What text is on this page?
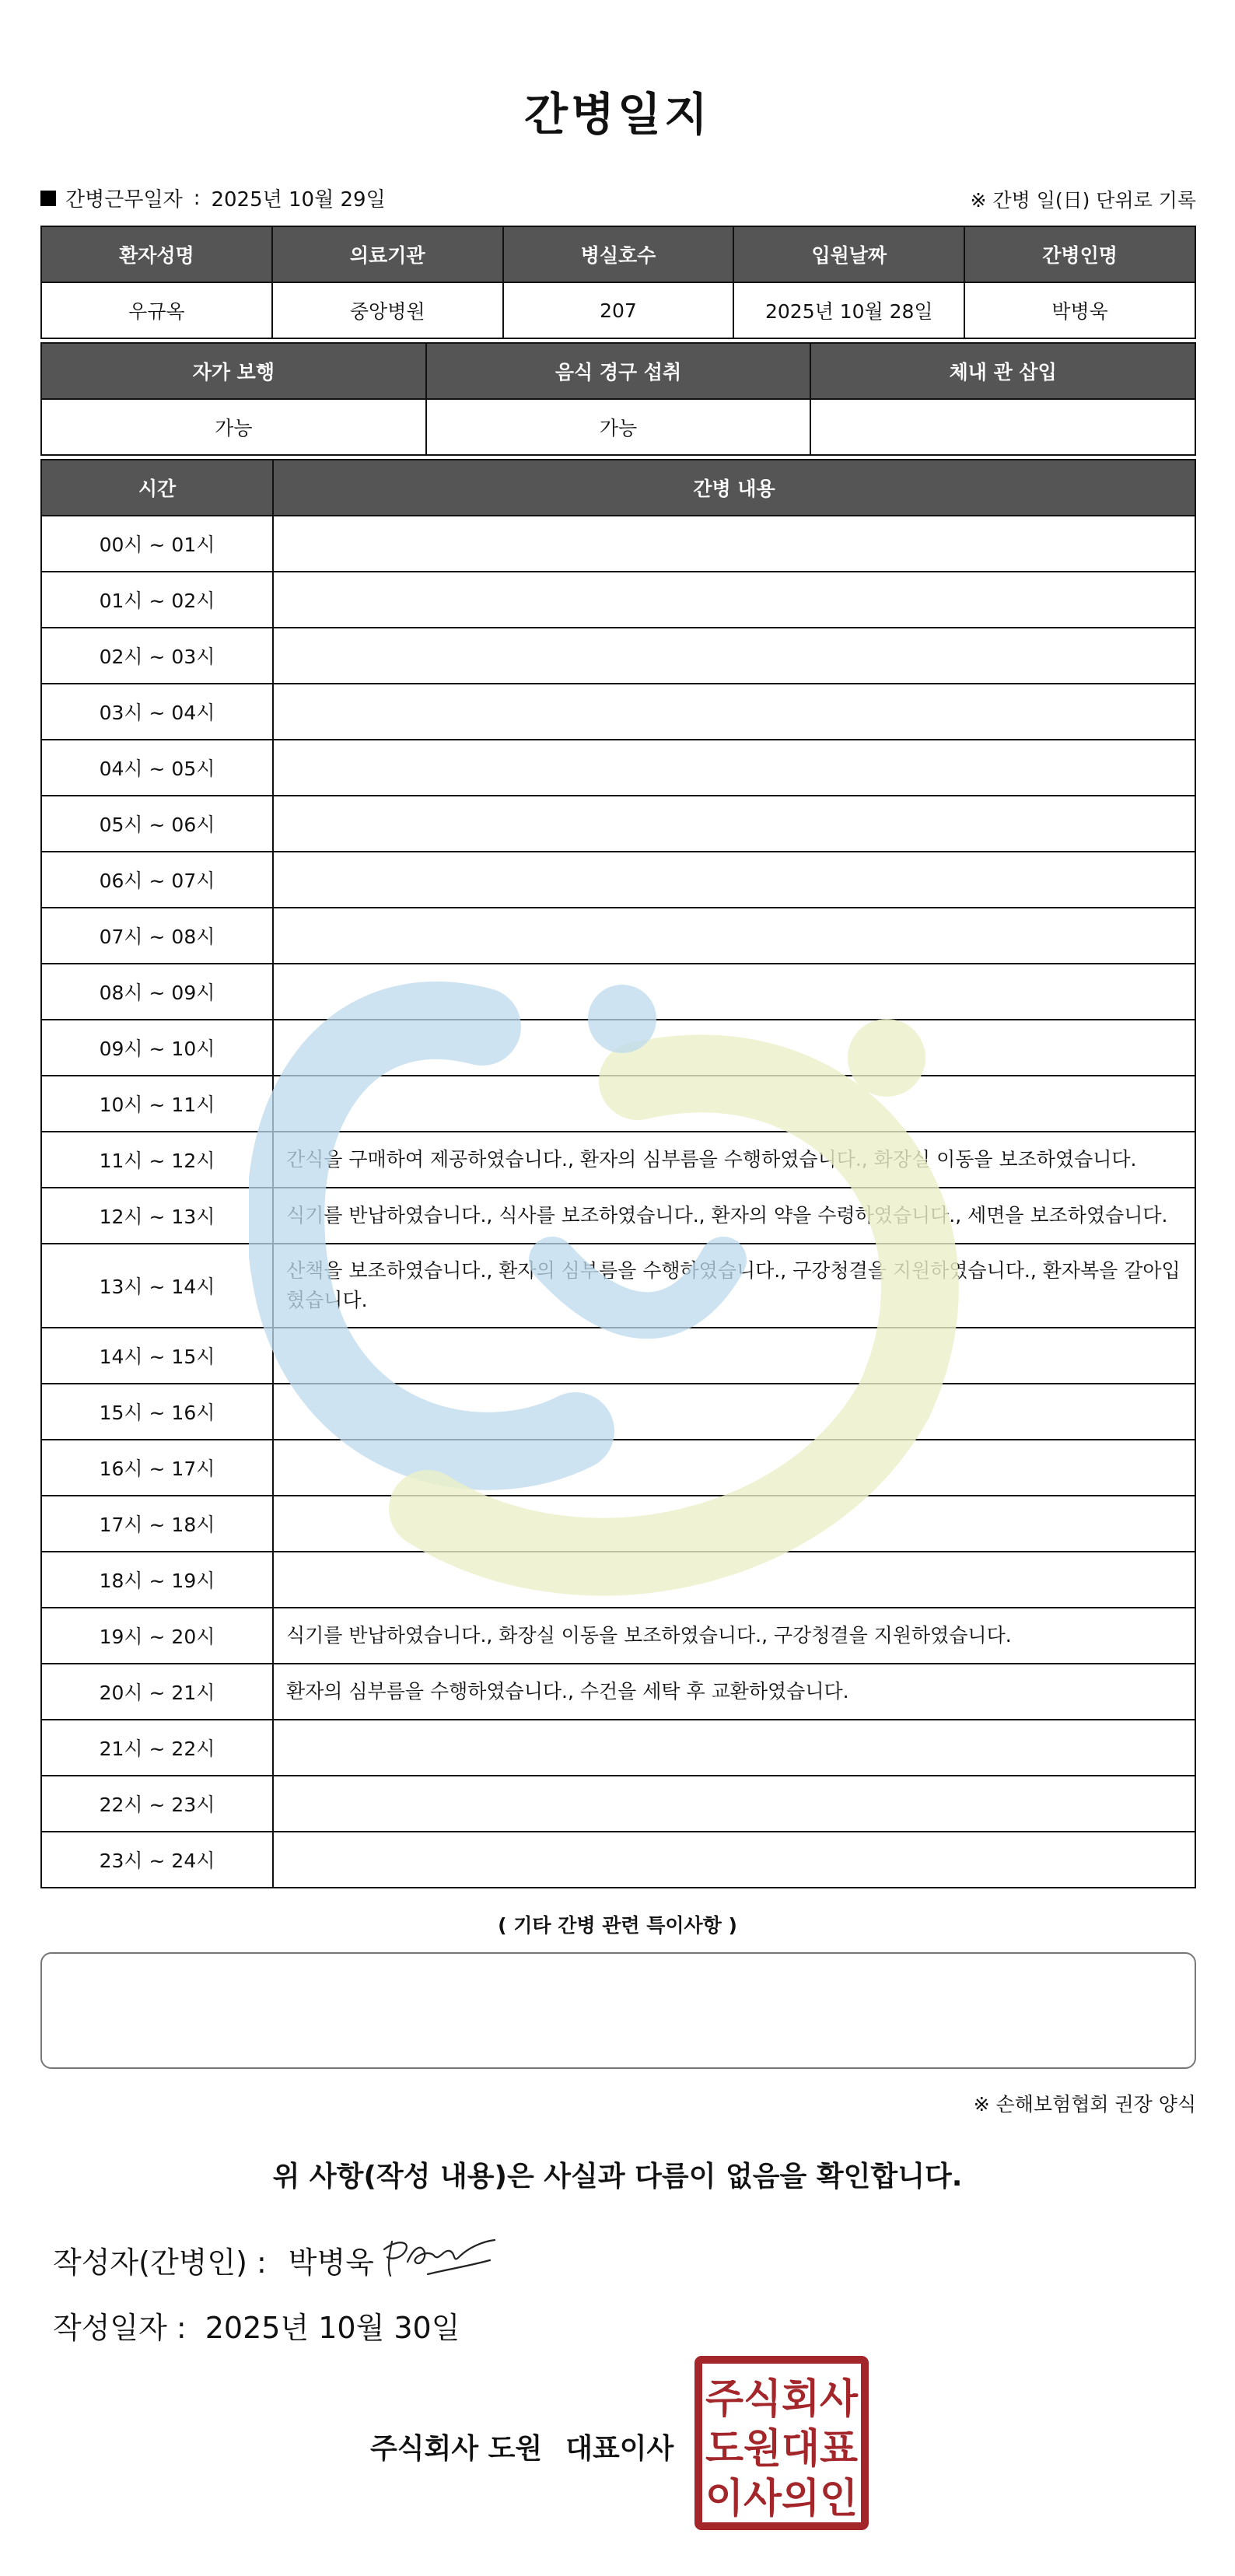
간병일지
간병근무일자 : 2025년 10월 29일	※ 간병 일(日) 단위로 기록
환자성명	의료기관	병실호수	입원날짜	간병인명
우규옥	중앙병원	207	2025년 10월 28일	박병욱
자가 보행	음식 경구 섭취	체내 관 삽입
가능	가능	
시간	간병 내용
00시 ~ 01시	
01시 ~ 02시	
02시 ~ 03시	
03시 ~ 04시	
04시 ~ 05시	
05시 ~ 06시	
06시 ~ 07시	
07시 ~ 08시	
08시 ~ 09시	
09시 ~ 10시	
10시 ~ 11시	
11시 ~ 12시	간식을 구매하여 제공하였습니다., 환자의 심부름을 수행하였습니다., 화장실 이동을 보조하였습니다.
12시 ~ 13시	식기를 반납하였습니다., 식사를 보조하였습니다., 환자의 약을 수령하였습니다., 세면을 보조하였습니다.
13시 ~ 14시	산책을 보조하였습니다., 환자의 심부름을 수행하였습니다., 구강청결을 지원하였습니다., 환자복을 갈아입혔습니다.
14시 ~ 15시	
15시 ~ 16시	
16시 ~ 17시	
17시 ~ 18시	
18시 ~ 19시	
19시 ~ 20시	식기를 반납하였습니다., 화장실 이동을 보조하였습니다., 구강청결을 지원하였습니다.
20시 ~ 21시	환자의 심부름을 수행하였습니다., 수건을 세탁 후 교환하였습니다.
21시 ~ 22시	
22시 ~ 23시	
23시 ~ 24시	
( 기타 간병 관련 특이사항 )
※ 손해보험협회 권장 양식
위 사항(작성 내용)은 사실과 다름이 없음을 확인합니다.
작성자(간병인) : 박병욱
작성일자 : 2025년 10월 30일
주식회사 도원 대표이사
주식회사
도원대표
이사의인
